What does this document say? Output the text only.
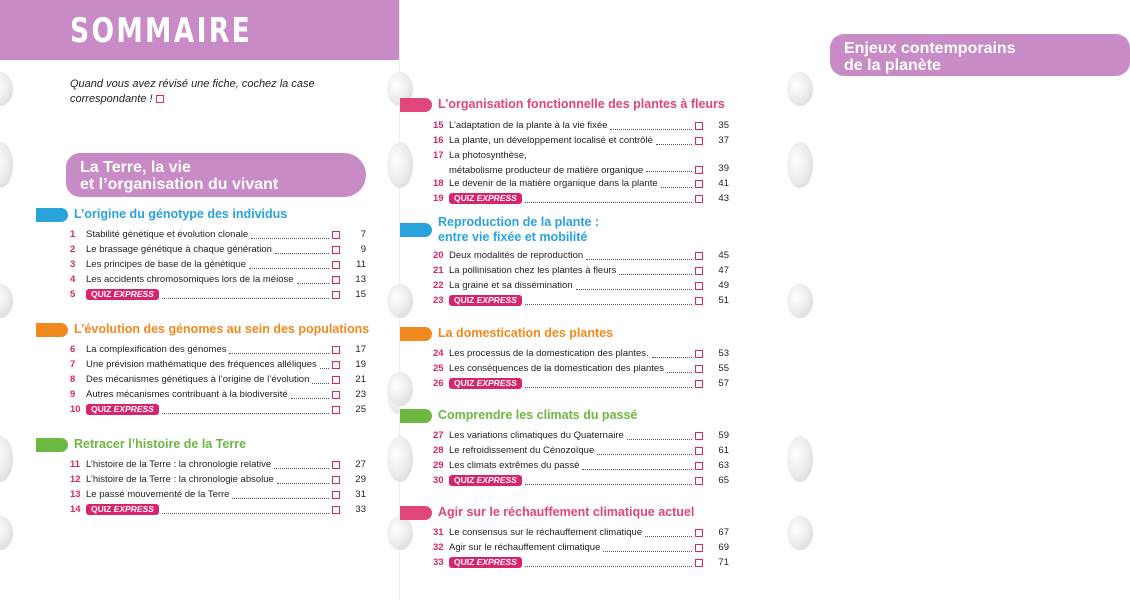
SOMMAIRE
Quand vous avez révisé une fiche, cochez la case correspondante !
La Terre, la vie
et l’organisation du vivant
L’origine du génotype des individus
1	Stabilité génétique et évolution clonale	7
2	Le brassage génétique à chaque génération	9
3	Les principes de base de la génétique	11
4	Les accidents chromosomiques lors de la méiose	13
5	QUIZ EXPRESS	15
L’évolution des génomes au sein des populations
6	La complexification des génomes	17
7	Une prévision mathématique des fréquences alléliques	19
8	Des mécanismes génétiques à l’origine de l’évolution	21
9	Autres mécanismes contribuant à la biodiversité	23
10	QUIZ EXPRESS	25
Retracer l’histoire de la Terre
11 L’histoire de la Terre : la chronologie relative	27
12 L’histoire de la Terre : la chronologie absolue	29
13 Le passé mouvementé de la Terre	31
14	QUIZ EXPRESS	33
Enjeux contemporains
de la planète
L’organisation fonctionnelle des plantes à fleurs
15 L’adaptation de la plante à la vie fixée	35
16 La plante, un développement localisé et contrôlé	37
17 La photosynthèse,
métabolisme producteur de matière organique	39
18 Le devenir de la matière organique dans la plante	41
19	QUIZ EXPRESS	43
Reproduction de la plante :
entre vie fixée et mobilité
20 Deux modalités de reproduction	45
21 La pollinisation chez les plantes à fleurs	47
22 La graine et sa dissémination	49
23	QUIZ EXPRESS	51
La domestication des plantes
24 Les processus de la domestication des plantes.	53
25 Les conséquences de la domestication des plantes	55
26	QUIZ EXPRESS	57
Comprendre les climats du passé
27 Les variations climatiques du Quaternaire	59
28 Le refroidissement du Cénozoïque	61
29 Les climats extrêmes du passé	63
30	QUIZ EXPRESS	65
Agir sur le réchauffement climatique actuel
31 Le consensus sur le réchauffement climatique	67
32 Agir sur le réchauffement climatique	69
33	QUIZ EXPRESS	71
